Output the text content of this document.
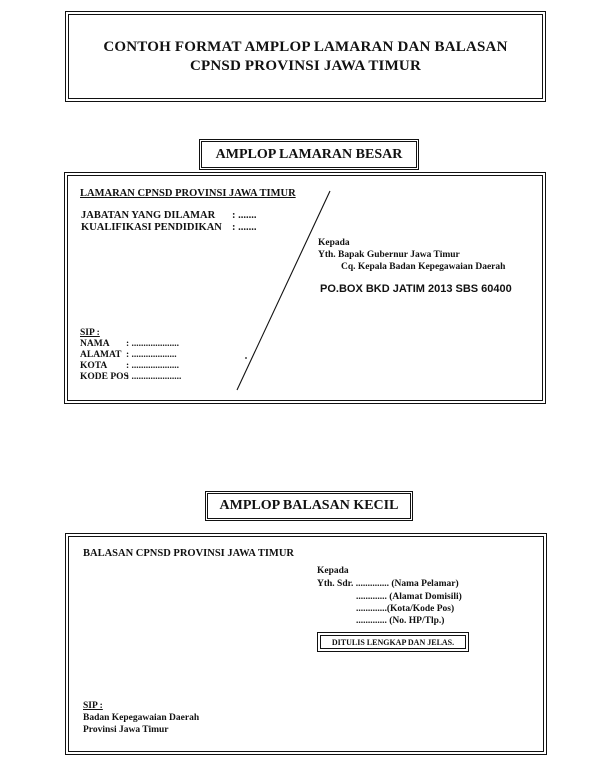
CONTOH FORMAT AMPLOP LAMARAN DAN BALASAN
CPNSD PROVINSI JAWA TIMUR
AMPLOP LAMARAN BESAR
LAMARAN CPNSD PROVINSI JAWA TIMUR
JABATAN YANG DILAMAR : .......
KUALIFIKASI PENDIDIKAN : .......
Kepada
Yth. Bapak Gubernur Jawa Timur
Cq. Kepala Badan Kepegawaian Daerah
PO.BOX BKD JATIM 2013 SBS 60400
SIP :
NAMA : ....................
ALAMAT : ...................
KOTA : ....................
KODE POS
: .....................
AMPLOP BALASAN KECIL
BALASAN CPNSD PROVINSI JAWA TIMUR
Kepada
Yth. Sdr. .............. (Nama Pelamar)
............. (Alamat Domisili)
.............(Kota/Kode Pos)
............. (No. HP/Tlp.)
DITULIS LENGKAP DAN JELAS.
SIP :
Badan Kepegawaian Daerah
Provinsi Jawa Timur
